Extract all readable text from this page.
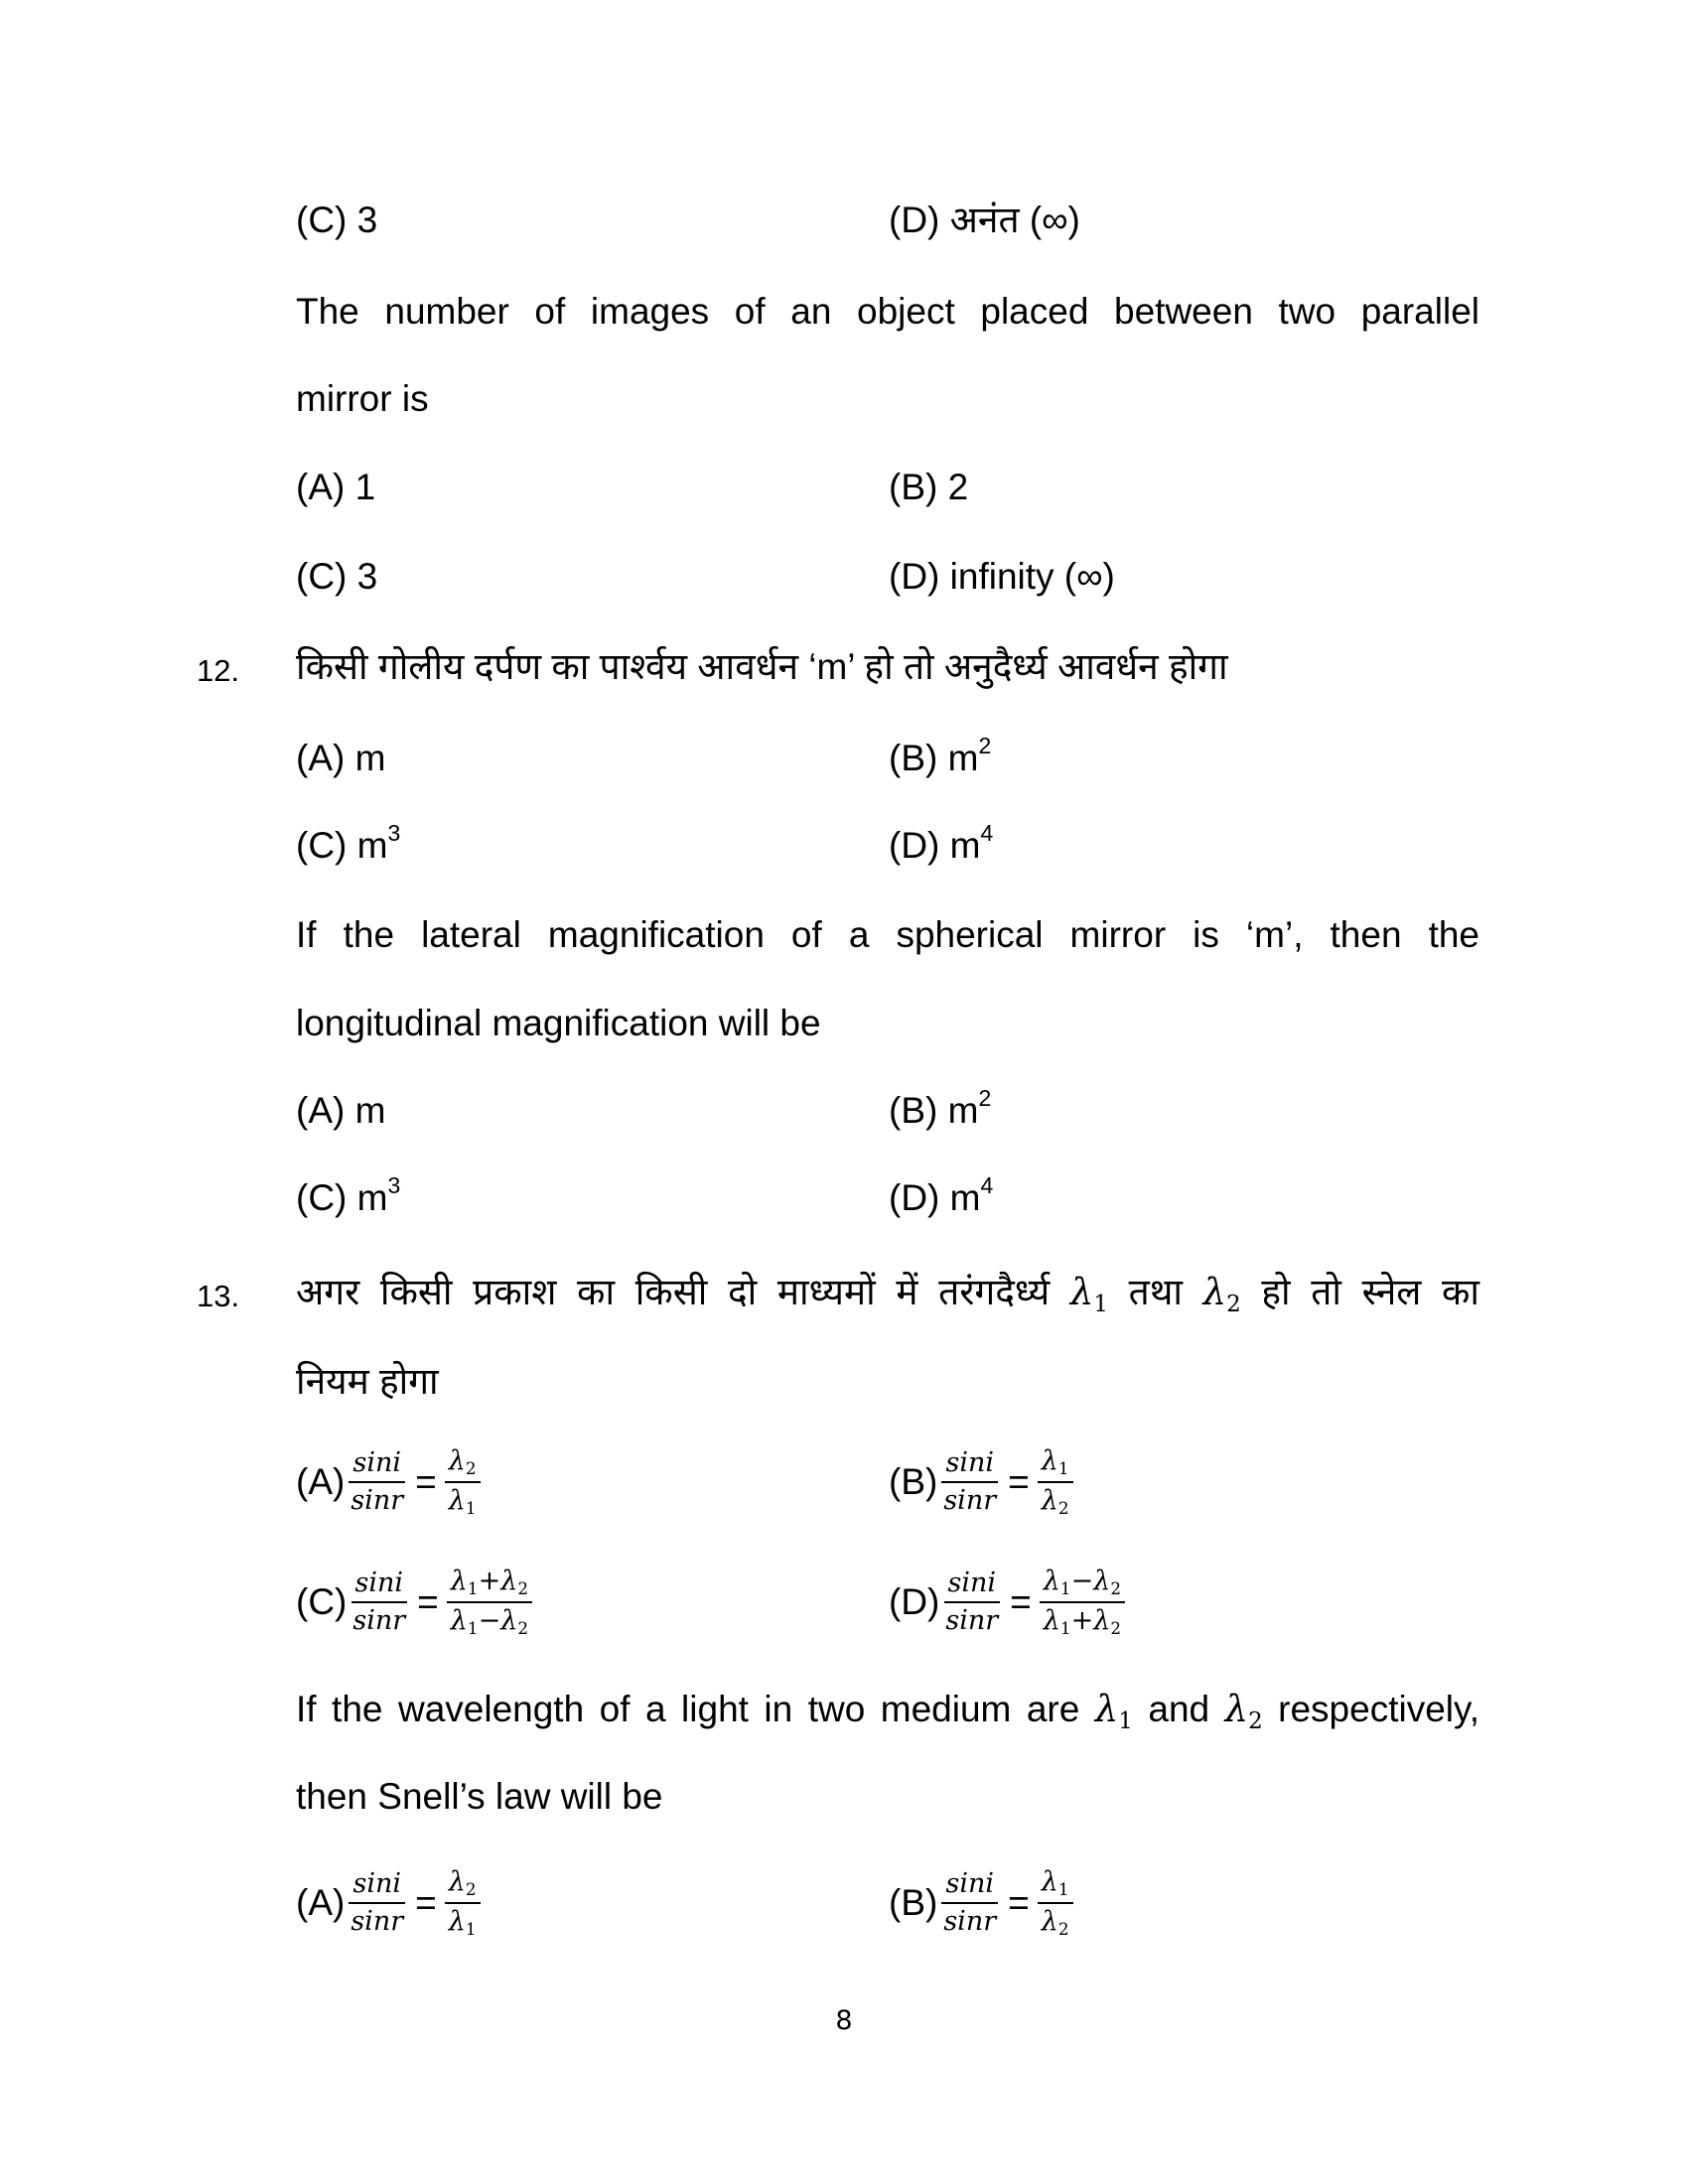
(C) 3	(D) अनंत (∞)
The number of images of an object placed between two parallel
mirror is
(A) 1	(B) 2
(C) 3	(D) infinity (∞)
12. किसी गोलीय दर्पण का पार्श्वय आवर्धन ‘m’ हो तो अनुदैर्ध्य आवर्धन होगा
(A) m	(B) $m^2$
(C) $m^3$	(D) $m^4$
If the lateral magnification of a spherical mirror is ‘m’, then the
longitudinal magnification will be
(A) m	(B) $m^2$
(C) $m^3$	(D) $m^4$
13. अगर किसी प्रकाश का किसी दो माध्यमों में तरंगदैर्ध्य λ1 तथा λ2 हो तो स्नेल का
नियम होगा
$(A) \frac{\sin i}{\sin r} = \frac{\lambda 2}{\lambda 1}$	$(B) \frac{\sin i}{\sin r} = \frac{\lambda 1}{\lambda 2}$
$(C) \frac{\sin i}{\sin r} = \frac{\lambda 1+\lambda 2}{\lambda 1-\lambda 2}$	$(D) \frac{\sin i}{\sin r} = \frac{\lambda 1-\lambda 2}{\lambda 1+\lambda 2}$
If the wavelength of a light in two medium are λ1 and λ2 respectively,
then Snell’s law will be
$(A) \frac{\sin i}{\sin r} = \frac{\lambda 2}{\lambda 1}$	$(B) \frac{\sin i}{\sin r} = \frac{\lambda 1}{\lambda 2}$
8
